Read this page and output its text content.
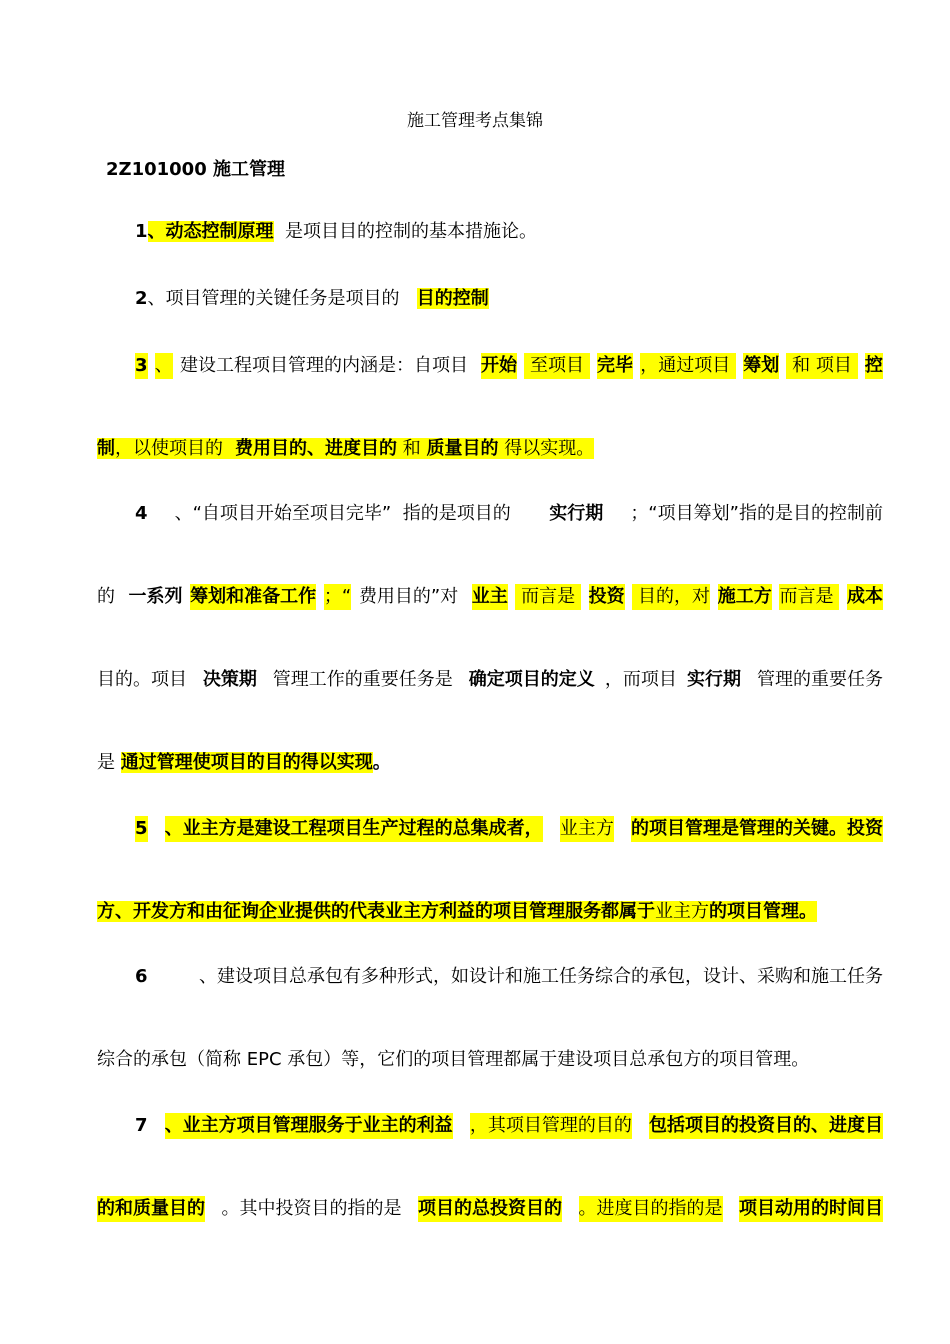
施工管理考点集锦
2Z101000 施工管理
1、动态控制原理  是项目目的控制的基本措施论。
2、项目管理的关键任务是项目的   目的控制
3 、 建设工程项目管理的内涵是：自项目 开始 至项目 完毕 ，通过项目 筹划 和 项目 控
制，以使项目的  费用目的、进度目的 和 质量目的 得以实现。
4 、“自项目开始至项目完毕”  指的是项目的 实行期 ；“项目筹划”指的是目的控制前
的 一系列 筹划和准备工作 ；“ 费用目的”对 业主 而言是 投资 目的，对 施工方 而言是 成本
目的。项目 决策期 管理工作的重要任务是 确定项目的定义 ，而项目 实行期 管理的重要任务
是 通过管理使项目的目的得以实现。
5 、业主方是建设工程项目生产过程的总集成者， 业主方 的项目管理是管理的关键。投资
方、开发方和由征询企业提供的代表业主方利益的项目管理服务都属于业主方的项目管理。
6	、建设项目总承包有多种形式，如设计和施工任务综合的承包，设计、采购和施工任务
综合的承包（简称 EPC 承包）等，它们的项目管理都属于建设项目总承包方的项目管理。
7 、业主方项目管理服务于业主的利益 ，其项目管理的目的 包括项目的投资目的、进度目
的和质量目的 。其中投资目的指的是 项目的总投资目的 。进度目的指的是 项目动用的时间目
